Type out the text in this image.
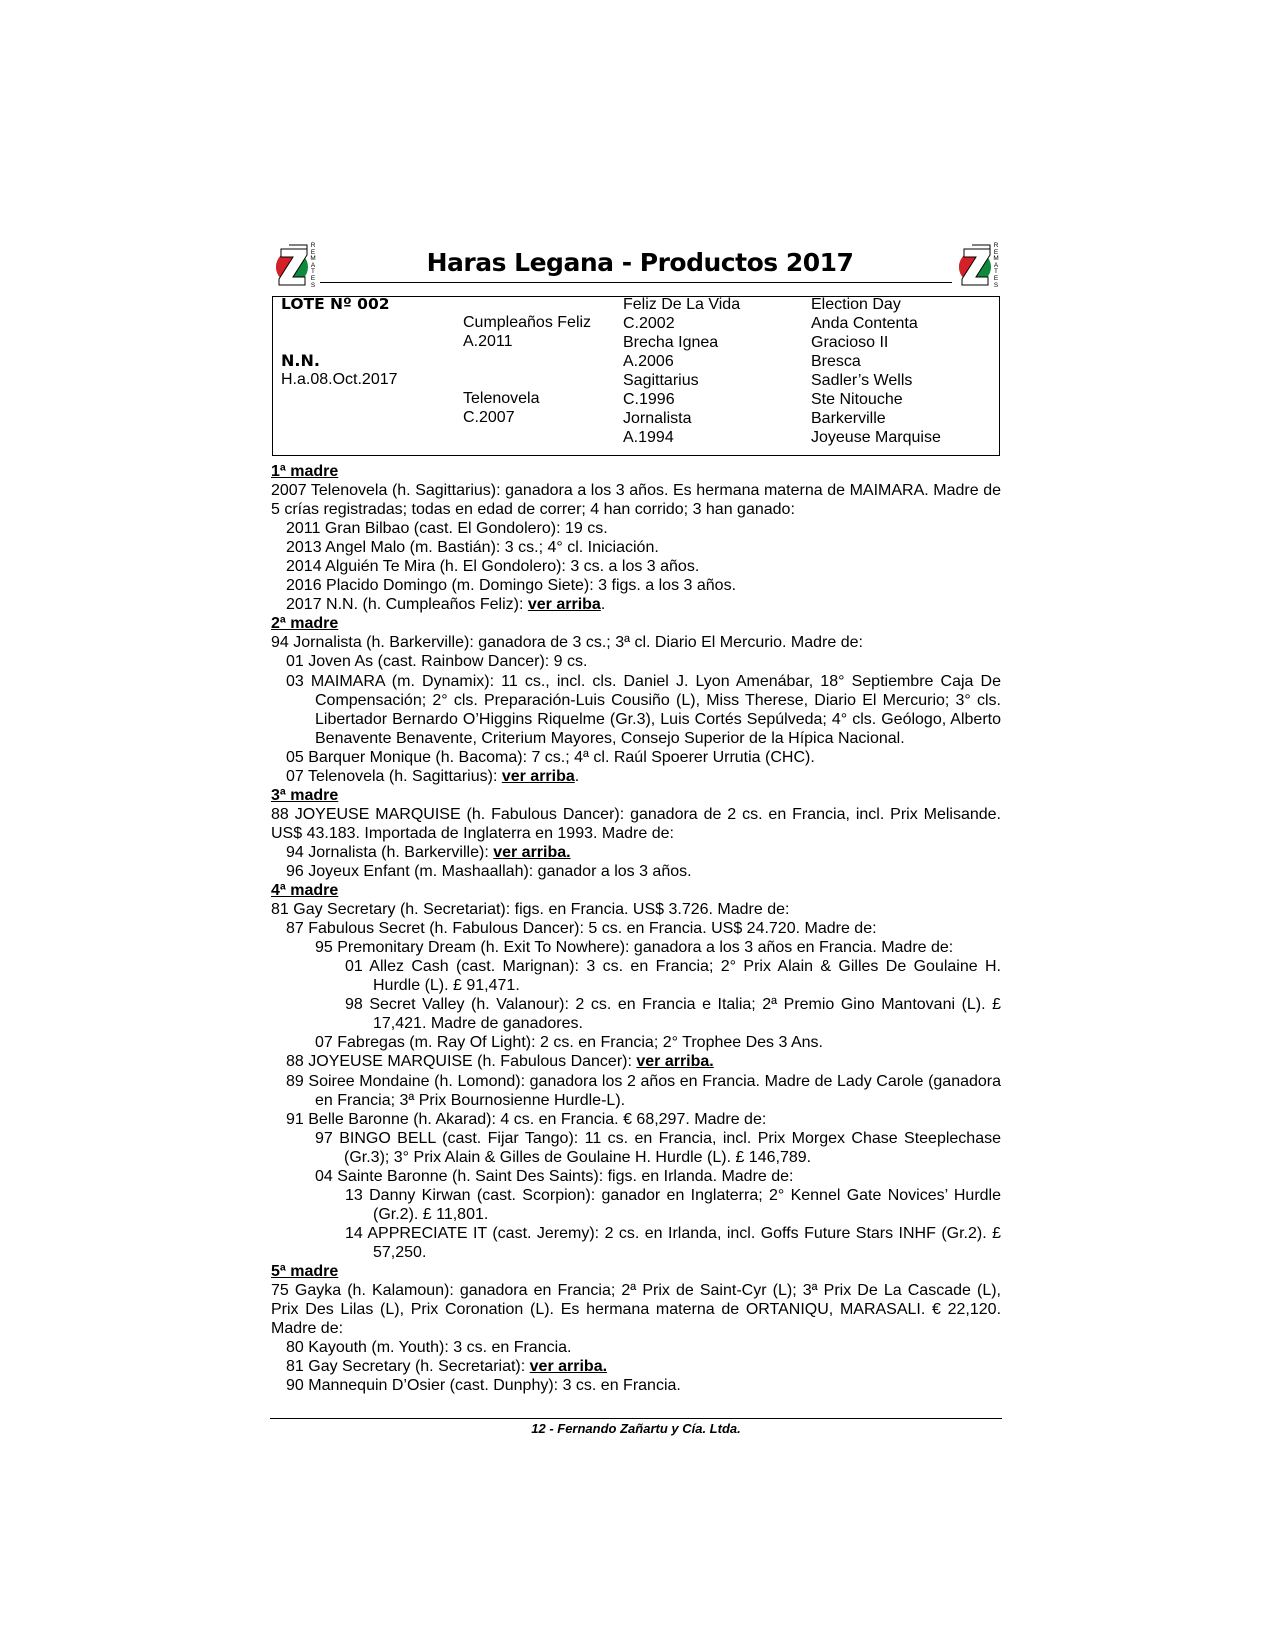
R
E
M
A
T
E
S
R
E
M
A
T
E
S
Haras Legana - Productos 2017
LOTE Nº 002
N.N.
H.a.08.Oct.2017
Cumpleaños Feliz
A.2011
Telenovela
C.2007
Feliz De La Vida
C.2002
Brecha Ignea
A.2006
Sagittarius
C.1996
Jornalista
A.1994
Election Day
Anda Contenta
Gracioso II
Bresca
Sadler’s Wells
Ste Nitouche
Barkerville
Joyeuse Marquise

1ª madre

2007 Telenovela (h. Sagittarius): ganadora a los 3 años. Es hermana materna de MAIMARA. Madre de 5 crías registradas; todas en edad de correr; 4 han corrido; 3 han ganado:

2011 Gran Bilbao (cast. El Gondolero): 19 cs.

2013 Angel Malo (m. Bastián): 3 cs.; 4° cl. Iniciación.

2014 Alguién Te Mira (h. El Gondolero): 3 cs. a los 3 años.

2016 Placido Domingo (m. Domingo Siete): 3 figs. a los 3 años.

2017 N.N. (h. Cumpleaños Feliz): ver arriba.

2ª madre

94 Jornalista (h. Barkerville): ganadora de 3 cs.; 3ª cl. Diario El Mercurio. Madre de:

01 Joven As (cast. Rainbow Dancer): 9 cs.

03 MAIMARA (m. Dynamix): 11 cs., incl. cls. Daniel J. Lyon Amenábar, 18° Septiembre Caja De Compensación; 2° cls. Preparación-Luis Cousiño (L), Miss Therese, Diario El Mercurio; 3° cls. Libertador Bernardo O’Higgins Riquelme (Gr.3), Luis Cortés Sepúlveda; 4° cls. Geólogo, Alberto Benavente Benavente, Criterium Mayores, Consejo Superior de la Hípica Nacional.

05 Barquer Monique (h. Bacoma): 7 cs.; 4ª cl. Raúl Spoerer Urrutia (CHC).

07 Telenovela (h. Sagittarius): ver arriba.

3ª madre

88 JOYEUSE MARQUISE (h. Fabulous Dancer): ganadora de 2 cs. en Francia, incl. Prix Melisande. US$ 43.183. Importada de Inglaterra en 1993. Madre de:

94 Jornalista (h. Barkerville): ver arriba.

96 Joyeux Enfant (m. Mashaallah): ganador a los 3 años.

4ª madre

81 Gay Secretary (h. Secretariat): figs. en Francia. US$ 3.726. Madre de:

87 Fabulous Secret (h. Fabulous Dancer): 5 cs. en Francia. US$ 24.720. Madre de:

95 Premonitary Dream (h. Exit To Nowhere): ganadora a los 3 años en Francia. Madre de:

01 Allez Cash (cast. Marignan): 3 cs. en Francia; 2° Prix Alain & Gilles De Goulaine H. Hurdle (L). £ 91,471.

98 Secret Valley (h. Valanour): 2 cs. en Francia e Italia; 2ª Premio Gino Mantovani (L). £ 17,421. Madre de ganadores.

07 Fabregas (m. Ray Of Light): 2 cs. en Francia; 2° Trophee Des 3 Ans.

88 JOYEUSE MARQUISE (h. Fabulous Dancer): ver arriba.

89 Soiree Mondaine (h. Lomond): ganadora los 2 años en Francia. Madre de Lady Carole (ganadora en Francia; 3ª Prix Bournosienne Hurdle-L).

91 Belle Baronne (h. Akarad): 4 cs. en Francia. € 68,297. Madre de:

97 BINGO BELL (cast. Fijar Tango): 11 cs. en Francia, incl. Prix Morgex Chase Steeplechase (Gr.3); 3° Prix Alain & Gilles de Goulaine H. Hurdle (L). £ 146,789.

04 Sainte Baronne (h. Saint Des Saints): figs. en Irlanda. Madre de:

13 Danny Kirwan (cast. Scorpion): ganador en Inglaterra; 2° Kennel Gate Novices’ Hurdle (Gr.2). £ 11,801.

14 APPRECIATE IT (cast. Jeremy): 2 cs. en Irlanda, incl. Goffs Future Stars INHF (Gr.2). £ 57,250.

5ª madre

75 Gayka (h. Kalamoun): ganadora en Francia; 2ª Prix de Saint-Cyr (L); 3ª Prix De La Cascade (L), Prix Des Lilas (L), Prix Coronation (L). Es hermana materna de ORTANIQU, MARASALI. € 22,120. Madre de:

80 Kayouth (m. Youth): 3 cs. en Francia.

81 Gay Secretary (h. Secretariat): ver arriba.

90 Mannequin D’Osier (cast. Dunphy): 3 cs. en Francia.

12 - Fernando Zañartu y Cía. Ltda.
